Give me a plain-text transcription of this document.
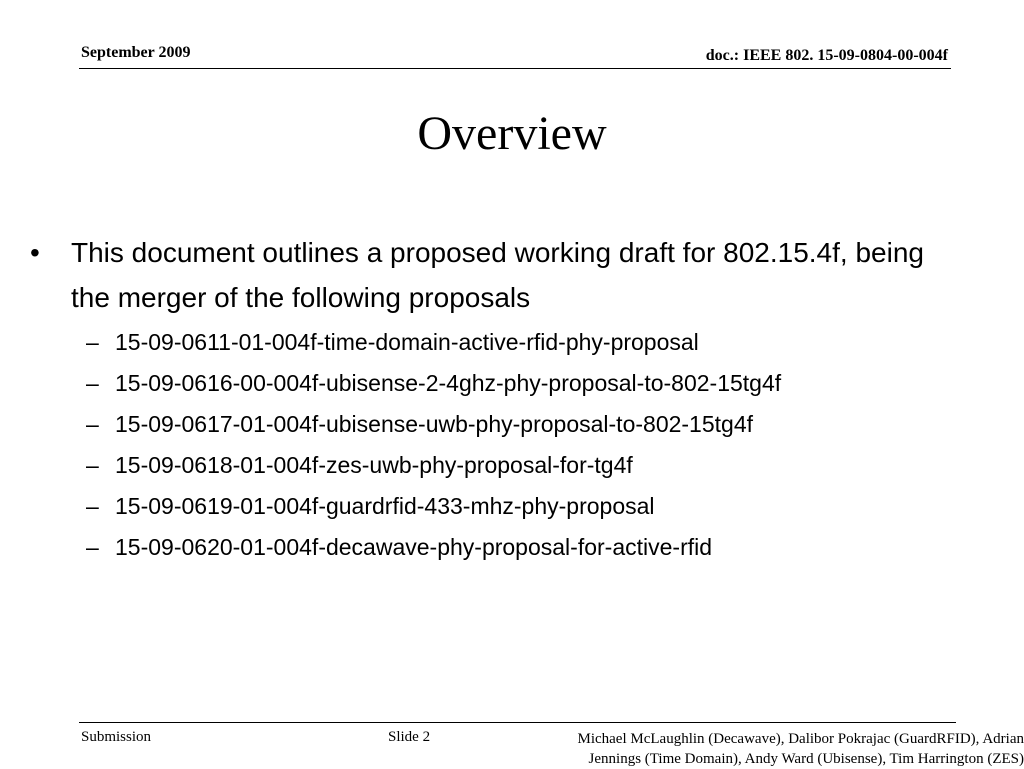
September 2009	doc.: IEEE 802. 15-09-0804-00-004f
Overview

• This document outlines a proposed working draft for 802.15.4f, being the merger of the following proposals

– 15-09-0611-01-004f-time-domain-active-rfid-phy-proposal
– 15-09-0616-00-004f-ubisense-2-4ghz-phy-proposal-to-802-15tg4f
– 15-09-0617-01-004f-ubisense-uwb-phy-proposal-to-802-15tg4f
– 15-09-0618-01-004f-zes-uwb-phy-proposal-for-tg4f
– 15-09-0619-01-004f-guardrfid-433-mhz-phy-proposal
– 15-09-0620-01-004f-decawave-phy-proposal-for-active-rfid
Submission	Slide 2	Michael McLaughlin (Decawave), Dalibor Pokrajac (GuardRFID), Adrian
Jennings (Time Domain), Andy Ward (Ubisense), Tim Harrington (ZES)
